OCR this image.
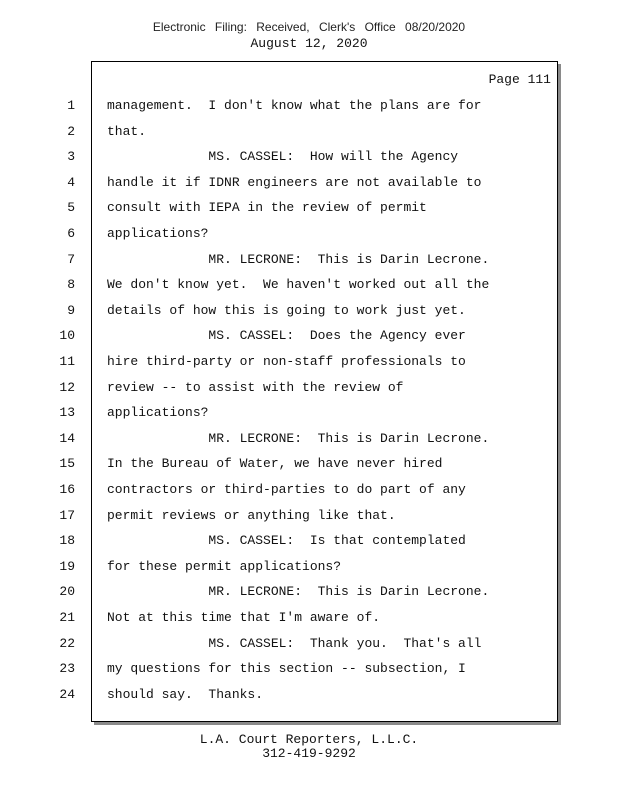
Electronic Filing: Received, Clerk's Office 08/20/2020
August 12, 2020
Page 111
1 management.  I don't know what the plans are for
2 that.
3 MS. CASSEL:  How will the Agency
4 handle it if IDNR engineers are not available to
5 consult with IEPA in the review of permit
6 applications?
7 MR. LECRONE:  This is Darin Lecrone.
8 We don't know yet.  We haven't worked out all the
9 details of how this is going to work just yet.
10 MS. CASSEL:  Does the Agency ever
11 hire third-party or non-staff professionals to
12 review -- to assist with the review of
13 applications?
14 MR. LECRONE:  This is Darin Lecrone.
15 In the Bureau of Water, we have never hired
16 contractors or third-parties to do part of any
17 permit reviews or anything like that.
18 MS. CASSEL:  Is that contemplated
19 for these permit applications?
20 MR. LECRONE:  This is Darin Lecrone.
21 Not at this time that I'm aware of.
22 MS. CASSEL:  Thank you.  That's all
23 my questions for this section -- subsection, I
24 should say.  Thanks.
L.A. Court Reporters, L.L.C.
312-419-9292
